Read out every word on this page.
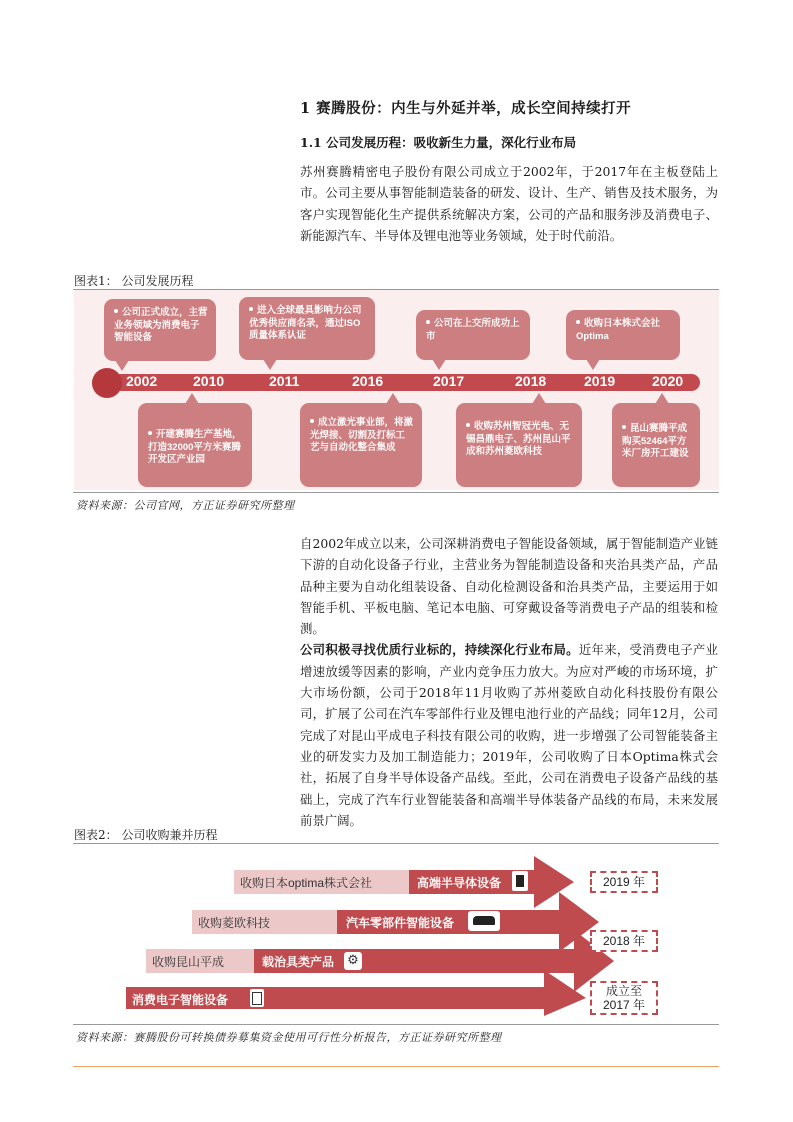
1 赛腾股份：内生与外延并举，成长空间持续打开
1.1 公司发展历程：吸收新生力量，深化行业布局

苏州赛腾精密电子股份有限公司成立于2002年，于2017年在主板登陆上市。公司主要从事智能制造装备的研发、设计、生产、销售及技术服务，为客户实现智能化生产提供系统解决方案，公司的产品和服务涉及消费电子、新能源汽车、半导体及锂电池等业务领域，处于时代前沿。

图表1： 公司发展历程
2002	2010	2011	2016	2017	2018	2019	2020
公司正式成立，主营业务领域为消费电子智能设备
进入全球最具影响力公司优秀供应商名录，通过ISO质量体系认证
公司在上交所成功上市
收购日本株式会社Optima
开建赛腾生产基地，打造32000平方米赛腾开发区产业园
成立激光事业部，将激光焊接、切割及打标工艺与自动化整合集成
收购苏州智冠光电、无锡昌鼎电子、苏州昆山平成和苏州菱欧科技
昆山赛腾平成购买52464平方米厂房开工建设
资料来源：公司官网，方正证券研究所整理

自2002年成立以来，公司深耕消费电子智能设备领域，属于智能制造产业链下游的自动化设备子行业，主营业务为智能制造设备和夹治具类产品，产品品种主要为自动化组装设备、自动化检测设备和治具类产品，主要运用于如智能手机、平板电脑、笔记本电脑、可穿戴设备等消费电子产品的组装和检测。

公司积极寻找优质行业标的，持续深化行业布局。近年来，受消费电子产业增速放缓等因素的影响，产业内竞争压力放大。为应对严峻的市场环境，扩大市场份额，公司于2018年11月收购了苏州菱欧自动化科技股份有限公司，扩展了公司在汽车零部件行业及锂电池行业的产品线；同年12月，公司完成了对昆山平成电子科技有限公司的收购，进一步增强了公司智能装备主业的研发实力及加工制造能力；2019年，公司收购了日本Optima株式会社，拓展了自身半导体设备产品线。至此，公司在消费电子设备产品线的基础上，完成了汽车行业智能装备和高端半导体装备产品线的布局，未来发展前景广阔。

图表2： 公司收购兼并历程
收购日本optima株式会社	高端半导体设备
收购菱欧科技	汽车零部件智能设备
收购昆山平成	载治具类产品 ⚙
消费电子智能设备
2019 年
2018 年
成立至 2017 年
资料来源：赛腾股份可转换债券募集资金使用可行性分析报告，方正证券研究所整理
